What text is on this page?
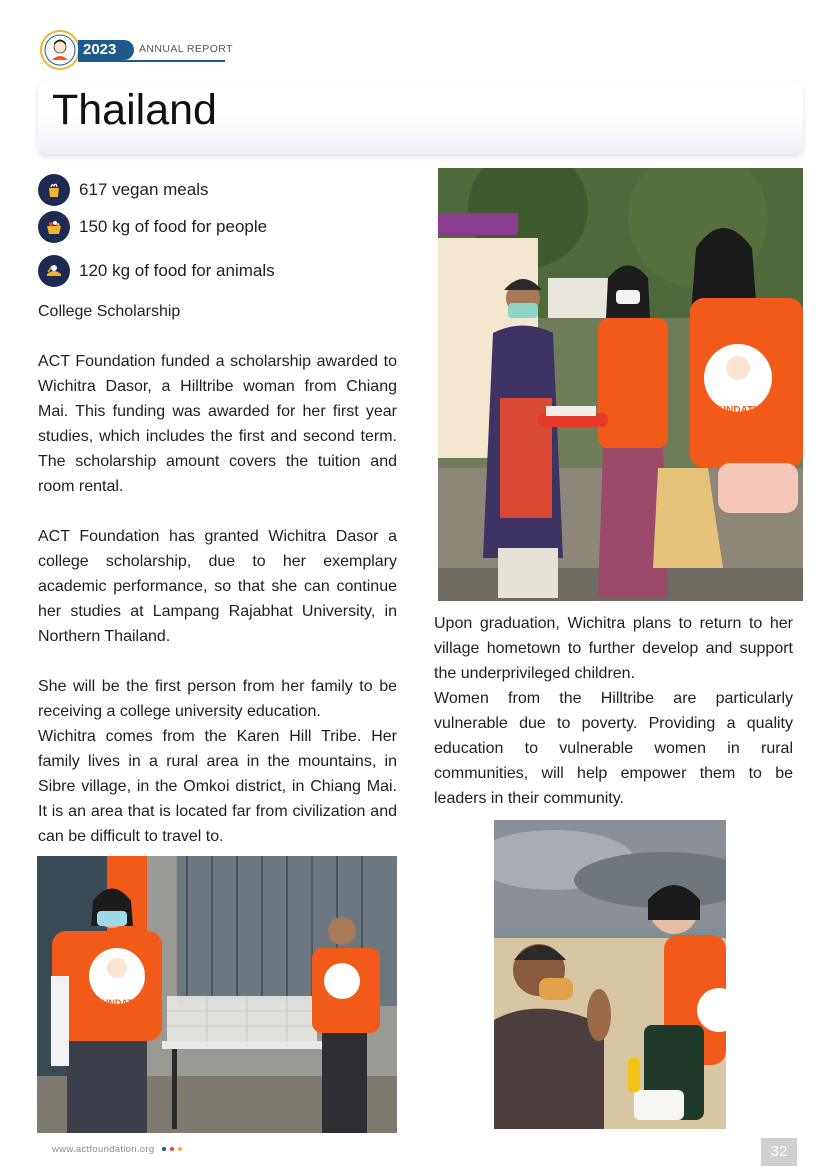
2023	ANNUAL REPORT
Thailand
617 vegan meals
150 kg of food for people
120 kg of food for animals

College Scholarship

ACT Foundation funded a scholarship awarded to Wichitra Dasor, a Hilltribe woman from Chiang Mai. This funding was awarded for her first year studies, which includes the first and second term. The scholarship amount covers the tuition and room rental.

ACT Foundation has granted Wichitra Dasor a college scholarship, due to her exemplary academic performance, so that she can continue her studies at Lampang Rajabhat University, in Northern Thailand.

She will be the first person from her family to be receiving a college university education.

Wichitra comes from the Karen Hill Tribe. Her family lives in a rural area in the mountains, in Sibre village, in the Omkoi district, in Chiang Mai. It is an area that is located far from civilization and can be difficult to travel to.

FOUNDATION

Upon graduation, Wichitra plans to return to her village hometown to further develop and support the underprivileged children.

Women from the Hilltribe are particularly vulnerable due to poverty. Providing a quality education to vulnerable women in rural communities, will help empower them to be leaders in their community.

FOUNDATION
www.actfoundation.org	32
